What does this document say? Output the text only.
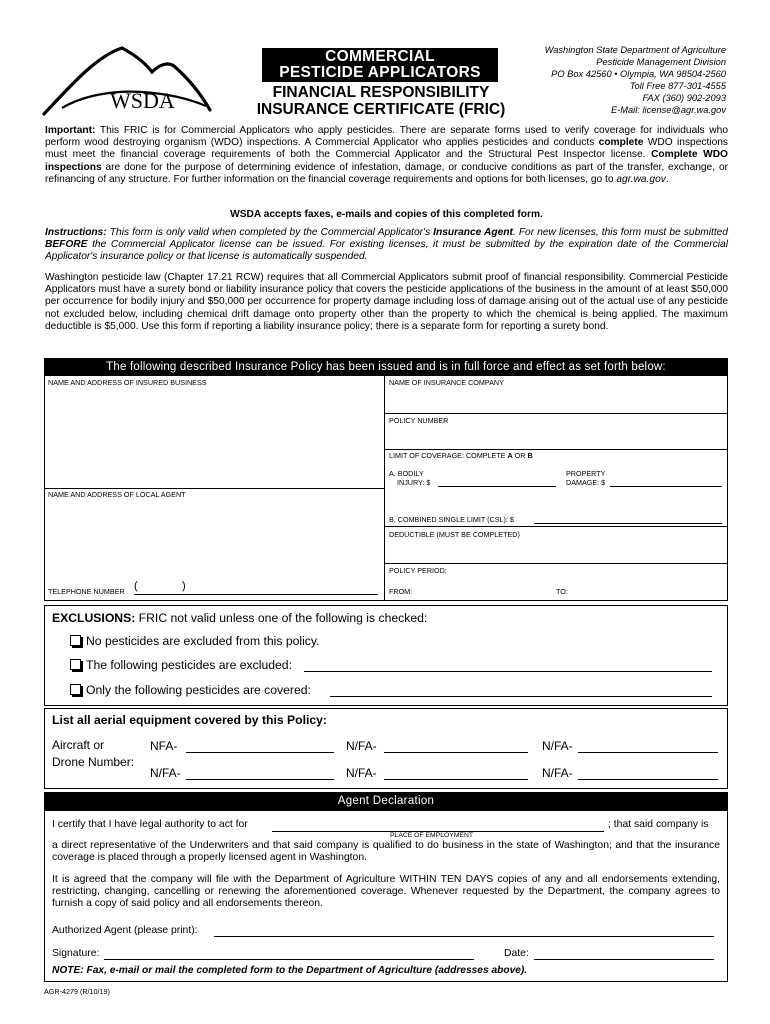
WSDA
COMMERCIAL
PESTICIDE APPLICATORS
FINANCIAL RESPONSIBILITY
INSURANCE CERTIFICATE (FRIC)
Washington State Department of Agriculture
Pesticide Management Division
PO Box 42560 • Olympia, WA 98504-2560
Toll Free 877-301-4555
FAX (360) 902-2093
E-Mail: license@agr.wa.gov
Important: This FRIC is for Commercial Applicators who apply pesticides. There are separate forms used to verify coverage for individuals who perform wood destroying organism (WDO) inspections. A Commercial Applicator who applies pesticides and conducts complete WDO inspections must meet the financial coverage requirements of both the Commercial Applicator and the Structural Pest Inspector license. Complete WDO inspections are done for the purpose of determining evidence of infestation, damage, or conducive conditions as part of the transfer, exchange, or refinancing of any structure. For further information on the financial coverage requirements and options for both licenses, go to agr.wa.gov.
WSDA accepts faxes, e-mails and copies of this completed form.
Instructions: This form is only valid when completed by the Commercial Applicator's Insurance Agent. For new licenses, this form must be submitted BEFORE the Commercial Applicator license can be issued. For existing licenses, it must be submitted by the expiration date of the Commercial Applicator's insurance policy or that license is automatically suspended.
Washington pesticide law (Chapter 17.21 RCW) requires that all Commercial Applicators submit proof of financial responsibility. Commercial Pesticide Applicators must have a surety bond or liability insurance policy that covers the pesticide applications of the business in the amount of at least $50,000 per occurrence for bodily injury and $50,000 per occurrence for property damage including loss of damage arising out of the actual use of any pesticide not excluded below, including chemical drift damage onto property other than the property to which the chemical is being applied. The maximum deductible is $5,000. Use this form if reporting a liability insurance policy; there is a separate form for reporting a surety bond.
The following described Insurance Policy has been issued and is in full force and effect as set forth below:
NAME AND ADDRESS OF INSURED BUSINESS
NAME AND ADDRESS OF LOCAL AGENT
TELEPHONE NUMBER (	)
NAME OF INSURANCE COMPANY
POLICY NUMBER
LIMIT OF COVERAGE: COMPLETE A OR B
A. BODILY
INJURY: $
PROPERTY
DAMAGE: $
B. COMBINED SINGLE LIMIT (CSL): $
DEDUCTIBLE (MUST BE COMPLETED)
POLICY PERIOD:
FROM:	TO:
EXCLUSIONS: FRIC not valid unless one of the following is checked:
No pesticides are excluded from this policy.
The following pesticides are excluded:
Only the following pesticides are covered:
List all aerial equipment covered by this Policy:
Aircraft or
Drone Number:
NFA-	N/FA-	N/FA-
N/FA-	N/FA-	N/FA-
Agent Declaration
I certify that I have legal authority to act for	; that said company is
PLACE OF EMPLOYMENT
a direct representative of the Underwriters and that said company is qualified to do business in the state of Washington; and that the insurance coverage is placed through a properly licensed agent in Washington.
It is agreed that the company will file with the Department of Agriculture WITHIN TEN DAYS copies of any and all endorsements extending, restricting, changing, cancelling or renewing the aforementioned coverage. Whenever requested by the Department, the company agrees to furnish a copy of said policy and all endorsements thereon.
Authorized Agent (please print):
Signature:	Date:
NOTE: Fax, e-mail or mail the completed form to the Department of Agriculture (addresses above).
AGR-4279 (R/10/19)
